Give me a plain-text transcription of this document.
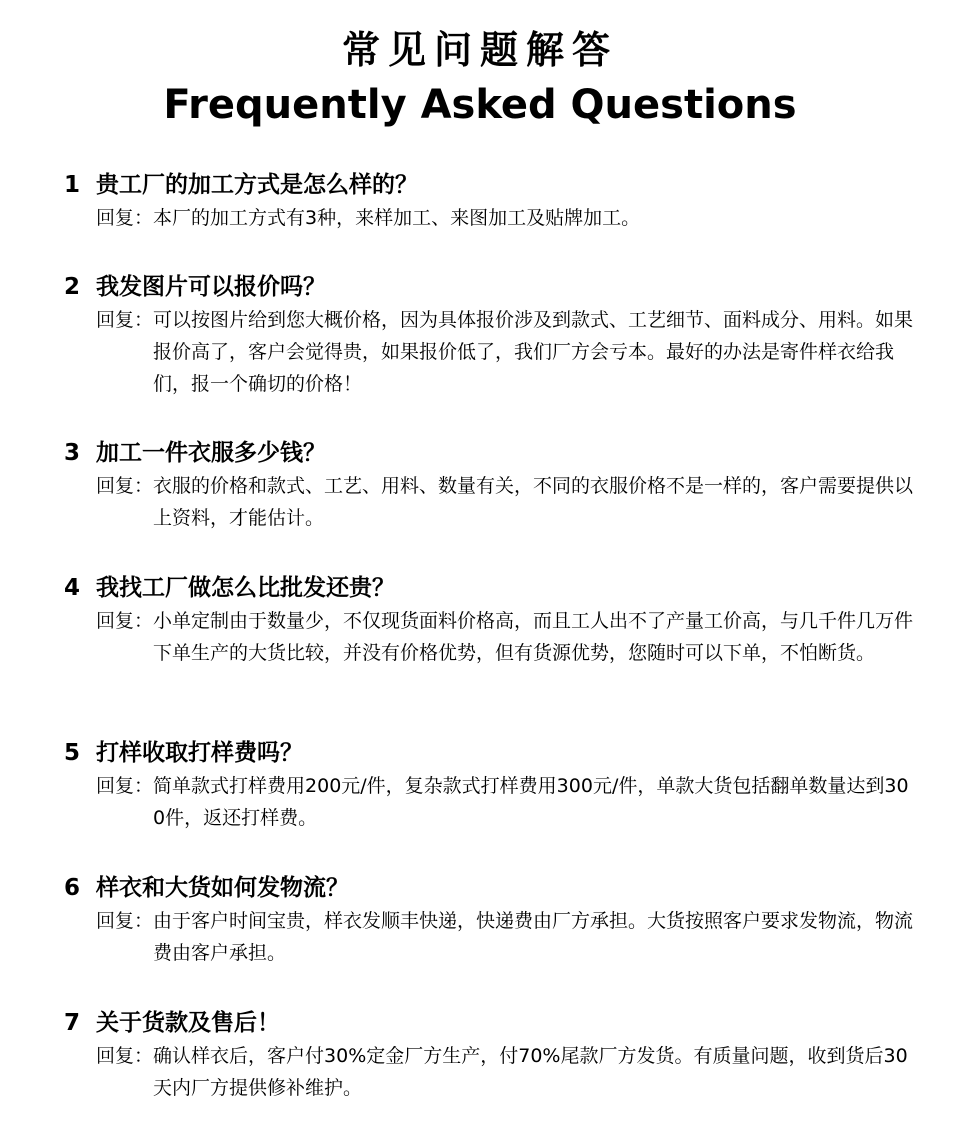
常见问题解答
Frequently Asked Questions
1 贵工厂的加工方式是怎么样的？
回复： 本厂的加工方式有3种，来样加工、来图加工及贴牌加工。
2 我发图片可以报价吗？
回复： 可以按图片给到您大概价格，因为具体报价涉及到款式、工艺细节、面料成分、用料。如果报价高了，客户会觉得贵，如果报价低了，我们厂方会亏本。最好的办法是寄件样衣给我们，报一个确切的价格！
3 加工一件衣服多少钱？
回复： 衣服的价格和款式、工艺、用料、数量有关，不同的衣服价格不是一样的，客户需要提供以上资料，才能估计。
4 我找工厂做怎么比批发还贵？
回复： 小单定制由于数量少，不仅现货面料价格高，而且工人出不了产量工价高，与几千件几万件下单生产的大货比较，并没有价格优势，但有货源优势，您随时可以下单，不怕断货。
5 打样收取打样费吗？
回复： 简单款式打样费用200元/件，复杂款式打样费用300元/件，单款大货包括翻单数量达到300件，返还打样费。
6 样衣和大货如何发物流？
回复： 由于客户时间宝贵，样衣发顺丰快递，快递费由厂方承担。大货按照客户要求发物流，物流费由客户承担。
7 关于货款及售后！
回复： 确认样衣后，客户付30%定金厂方生产，付70%尾款厂方发货。有质量问题，收到货后30天内厂方提供修补维护。
